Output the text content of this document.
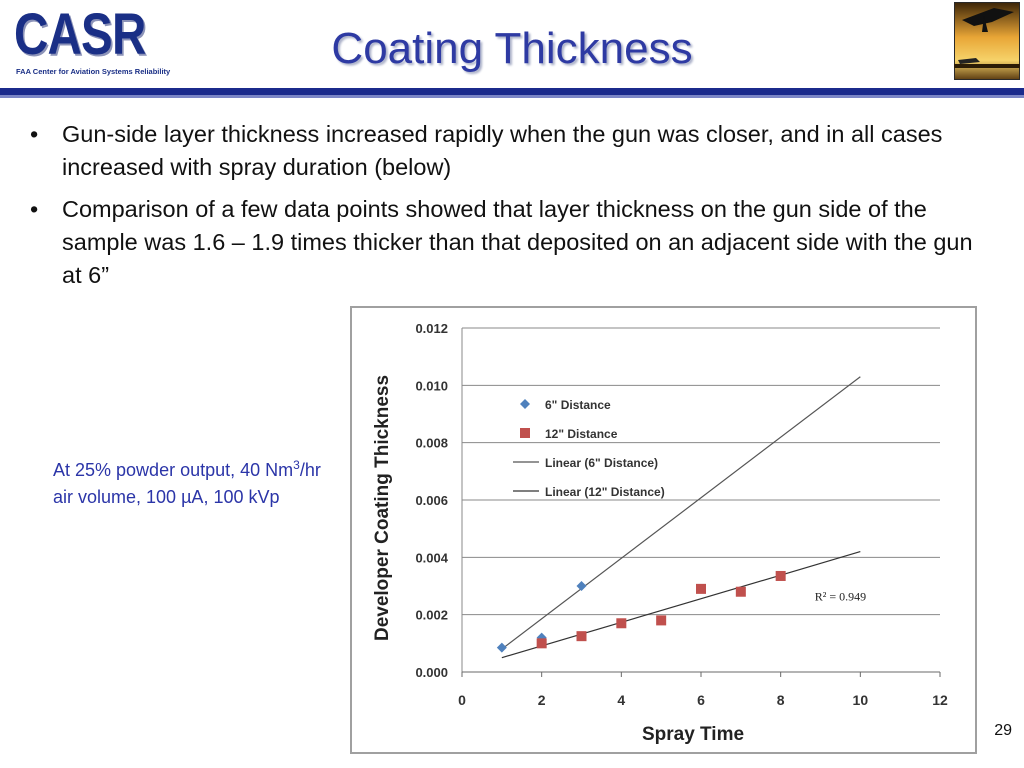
CASR
FAA Center for Aviation Systems Reliability	Coating Thickness
• Gun-side layer thickness increased rapidly when the gun was closer, and in all cases increased with spray duration (below)
• Comparison of a few data points showed that layer thickness on the gun side of the sample was 1.6 – 1.9 times thicker than that deposited on an adjacent side with the gun at 6”
At 25% powder output, 40 Nm$^3$/hr air volume, 100 µA, 100 kVp
0.000
0.002
0.004
0.006
0.008
0.010
0.012
0	2	4	6	8	10	12
Spray Time
Developer Coating Thickness	6" Distance
12" Distance
Linear (6" Distance)
Linear (12" Distance)
R² = 0.949
29
